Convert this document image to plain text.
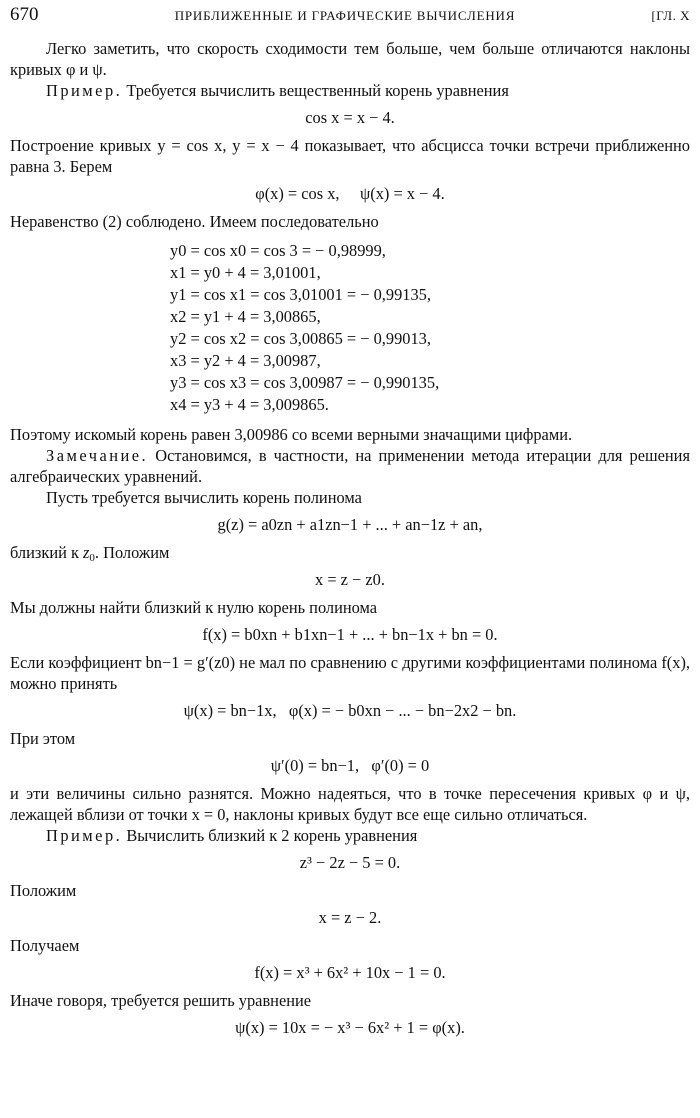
670	ПРИБЛИЖЕННЫЕ И ГРАФИЧЕСКИЕ ВЫЧИСЛЕНИЯ	[ГЛ. X

Легко заметить, что скорость сходимости тем больше, чем больше отличаются наклоны кривых φ и ψ.

Пример. Требуется вычислить вещественный корень уравнения

cos x = x − 4.

Построение кривых y = cos x, y = x − 4 показывает, что абсцисса точки встречи приближенно равна 3. Берем

φ(x) = cos x,     ψ(x) = x − 4.

Неравенство (2) соблюдено. Имеем последовательно

y0 = cos x0 = cos 3 = − 0,98999,
x1 = y0 + 4 = 3,01001,
y1 = cos x1 = cos 3,01001 = − 0,99135,
x2 = y1 + 4 = 3,00865,
y2 = cos x2 = cos 3,00865 = − 0,99013,
x3 = y2 + 4 = 3,00987,
y3 = cos x3 = cos 3,00987 = − 0,990135,
x4 = y3 + 4 = 3,009865.

Поэтому искомый корень равен 3,00986 со всеми верными значащими цифрами.

Замечание. Остановимся, в частности, на применении метода итерации для решения алгебраических уравнений.

Пусть требуется вычислить корень полинома

g(z) = a0zn + a1zn−1 + ... + an−1z + an,

близкий к $z_0$. Положим

x = z − z0.

Мы должны найти близкий к нулю корень полинома

f(x) = b0xn + b1xn−1 + ... + bn−1x + bn = 0.

Если коэффициент bn−1 = g′(z0) не мал по сравнению с другими коэффициентами полинома f(x), можно принять

ψ(x) = bn−1x,   φ(x) = − b0xn − ... − bn−2x2 − bn.

При этом

ψ′(0) = bn−1,   φ′(0) = 0

и эти величины сильно разнятся. Можно надеяться, что в точке пересечения кривых φ и ψ, лежащей вблизи от точки x = 0, наклоны кривых будут все еще сильно отличаться.

Пример. Вычислить близкий к 2 корень уравнения

z³ − 2z − 5 = 0.

Положим

x = z − 2.

Получаем

f(x) = x³ + 6x² + 10x − 1 = 0.

Иначе говоря, требуется решить уравнение

ψ(x) = 10x = − x³ − 6x² + 1 = φ(x).
